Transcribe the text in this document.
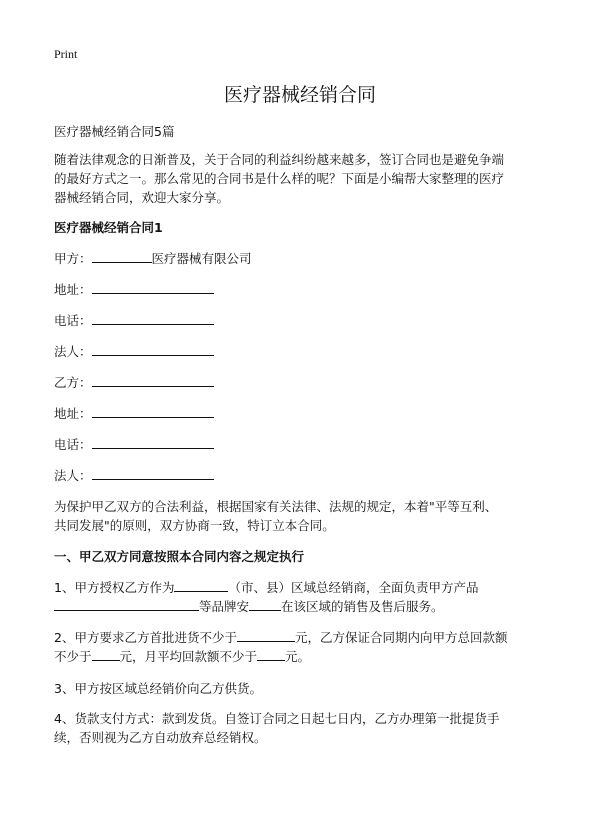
Print
医疗器械经销合同
医疗器械经销合同5篇
随着法律观念的日渐普及，关于合同的利益纠纷越来越多，签订合同也是避免争端
的最好方式之一。那么常见的合同书是什么样的呢？下面是小编帮大家整理的医疗
器械经销合同，欢迎大家分享。
医疗器械经销合同1
甲方：	医疗器械有限公司
地址：
电话：
法人：
乙方：
地址：
电话：
法人：
为保护甲乙双方的合法利益，根据国家有关法律、法规的规定，本着"平等互利、
共同发展"的原则，双方协商一致，特订立本合同。
一、甲乙双方同意按照本合同内容之规定执行
1、甲方授权乙方作为	（市、县）区域总经销商，全面负责甲方产品
等品牌安	在该区域的销售及售后服务。
2、甲方要求乙方首批进货不少于	元，乙方保证合同期内向甲方总回款额
不少于 元，月平均回款额不少于 元。
3、甲方按区域总经销价向乙方供货。
4、货款支付方式：款到发货。自签订合同之日起七日内，乙方办理第一批提货手
续，否则视为乙方自动放弃总经销权。
